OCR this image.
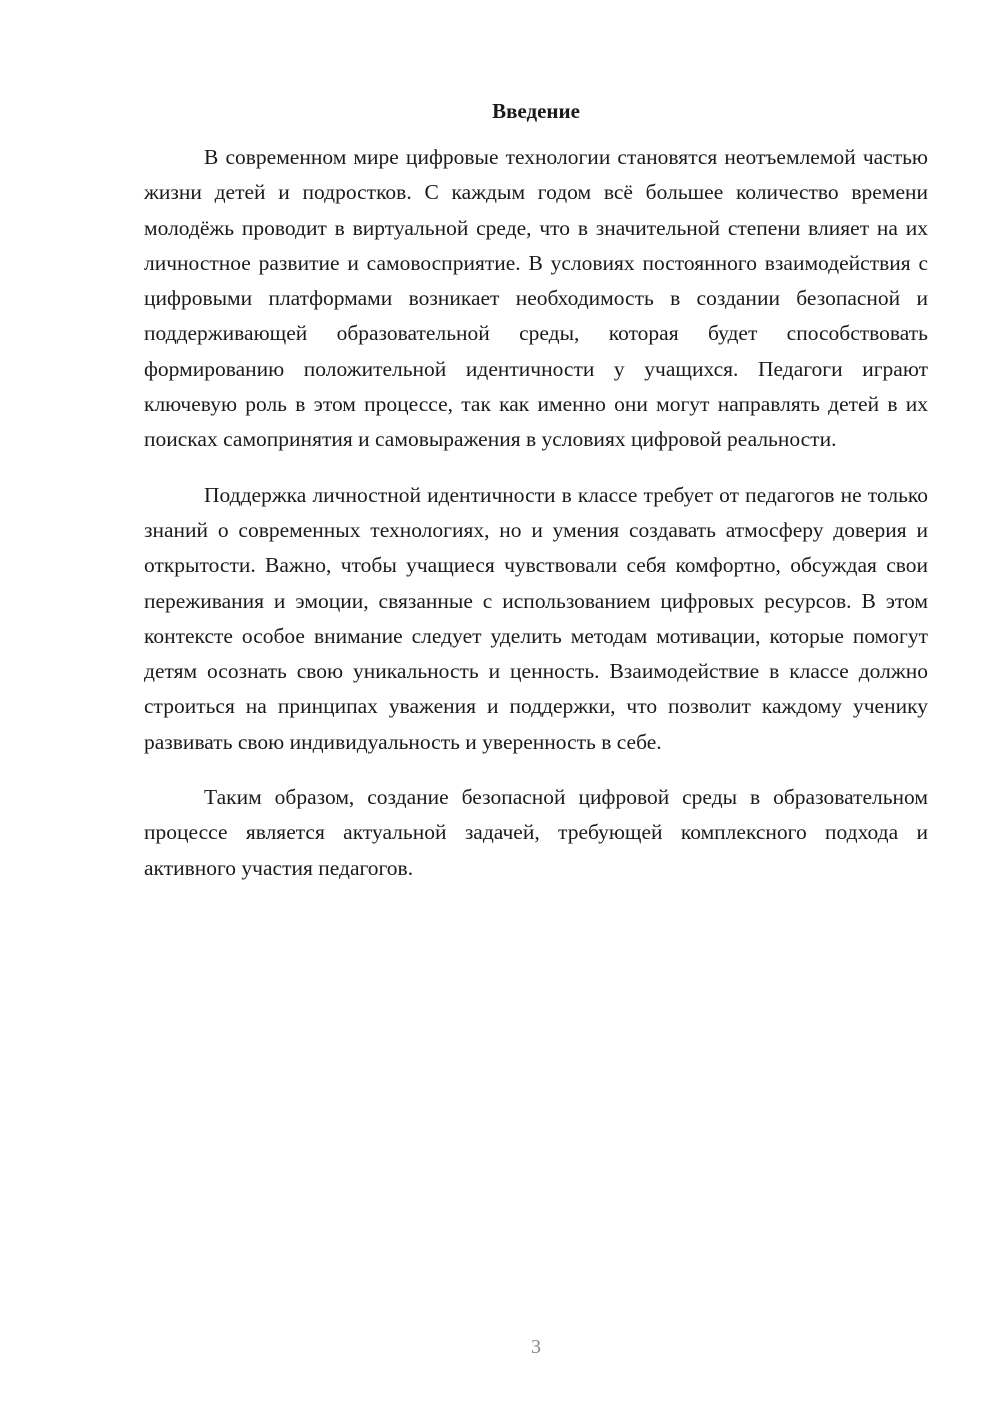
Введение

В современном мире цифровые технологии становятся неотъемлемой частью жизни детей и подростков. С каждым годом всё большее количество времени молодёжь проводит в виртуальной среде, что в значительной степени влияет на их личностное развитие и самовосприятие. В условиях постоянного взаимодействия с цифровыми платформами возникает необходимость в создании безопасной и поддерживающей образовательной среды, которая будет способствовать формированию положительной идентичности у учащихся. Педагоги играют ключевую роль в этом процессе, так как именно они могут направлять детей в их поисках самопринятия и самовыражения в условиях цифровой реальности.

Поддержка личностной идентичности в классе требует от педагогов не только знаний о современных технологиях, но и умения создавать атмосферу доверия и открытости. Важно, чтобы учащиеся чувствовали себя комфортно, обсуждая свои переживания и эмоции, связанные с использованием цифровых ресурсов. В этом контексте особое внимание следует уделить методам мотивации, которые помогут детям осознать свою уникальность и ценность. Взаимодействие в классе должно строиться на принципах уважения и поддержки, что позволит каждому ученику развивать свою индивидуальность и уверенность в себе.

Таким образом, создание безопасной цифровой среды в образовательном процессе является актуальной задачей, требующей комплексного подхода и активного участия педагогов.

3
